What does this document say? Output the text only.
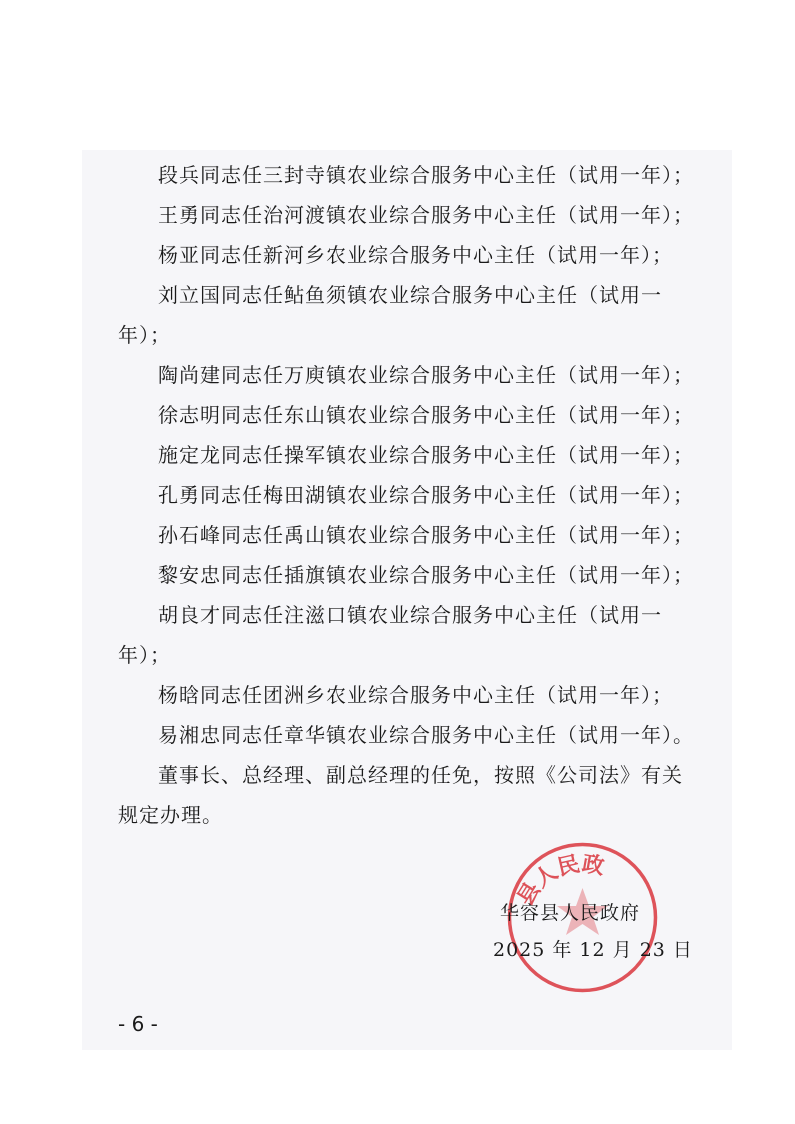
段兵同志任三封寺镇农业综合服务中心主任（试用一年）；
王勇同志任治河渡镇农业综合服务中心主任（试用一年）；
杨亚同志任新河乡农业综合服务中心主任（试用一年）；
刘立国同志任鲇鱼须镇农业综合服务中心主任（试用一
年）；
陶尚建同志任万庾镇农业综合服务中心主任（试用一年）；
徐志明同志任东山镇农业综合服务中心主任（试用一年）；
施定龙同志任操军镇农业综合服务中心主任（试用一年）；
孔勇同志任梅田湖镇农业综合服务中心主任（试用一年）；
孙石峰同志任禹山镇农业综合服务中心主任（试用一年）；
黎安忠同志任插旗镇农业综合服务中心主任（试用一年）；
胡良才同志任注滋口镇农业综合服务中心主任（试用一
年）；
杨晗同志任团洲乡农业综合服务中心主任（试用一年）；
易湘忠同志任章华镇农业综合服务中心主任（试用一年）。
董事长、总经理、副总经理的任免，按照《公司法》有关
规定办理。
县人民政
华容县人民政府
2025 年 12 月 23 日
- 6 -
